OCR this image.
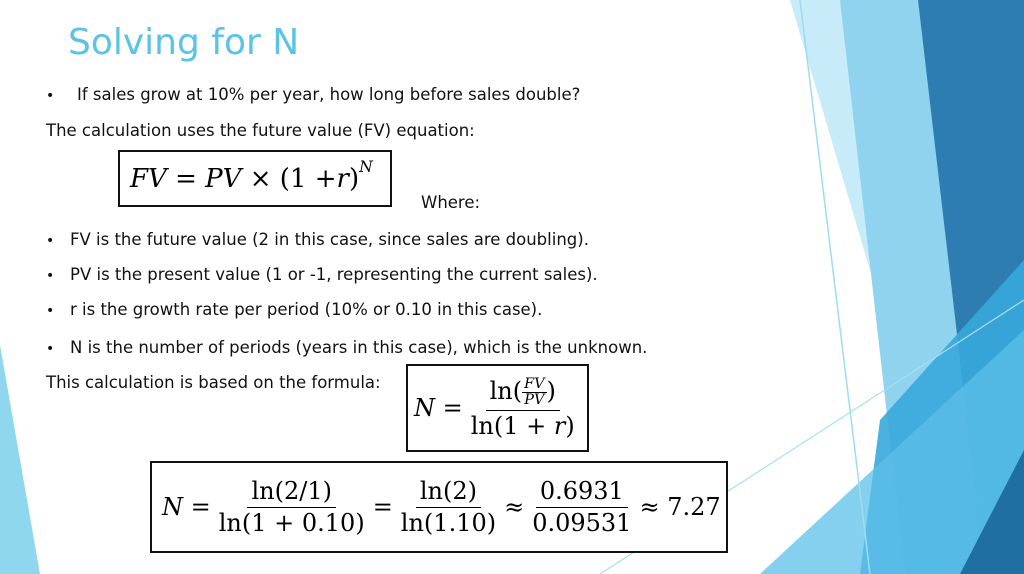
Solving for N
• If sales grow at 10% per year, how long before sales double?
The calculation uses the future value (FV) equation:
FV
=
PV
×
(1 + r )$^N$
Where:
• FV is the future value (2 in this case, since sales are doubling).
• PV is the present value (1 or -1, representing the current sales).
• r is the growth rate per period (10% or 0.10 in this case).
• N is the number of periods (years in this case), which is the unknown.
This calculation is based on the formula:
N
= $\frac{\ln( \frac{FV}{PV} )}{\ln(1 + r)}$
N
= $\frac{\ln(2/1)}{\ln(1 + 0.10)} = \frac{\ln(2)}{\ln(1.10)} \approx \frac{0.6931}{0.09531}$ ≈
7.27
